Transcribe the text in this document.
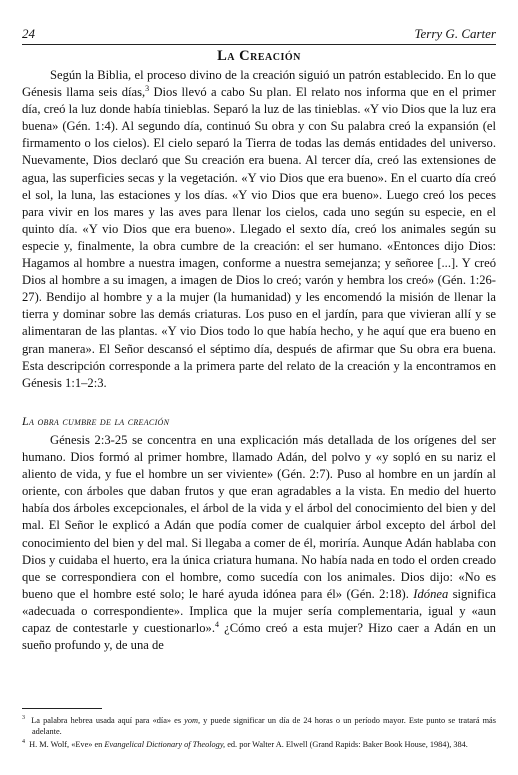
24	Terry G. Carter
La Creación

Según la Biblia, el proceso divino de la creación siguió un patrón establecido. En lo que Génesis llama seis días,$^3$ Dios llevó a cabo Su plan. El relato nos informa que en el primer día, creó la luz donde había tinieblas. Separó la luz de las tinieblas. «Y vio Dios que la luz era buena» (Gén. 1:4). Al segundo día, continuó Su obra y con Su palabra creó la expansión (el firmamento o los cielos). El cielo separó la Tierra de todas las demás entidades del universo. Nuevamente, Dios declaró que Su creación era buena. Al tercer día, creó las extensiones de agua, las superficies secas y la vegetación. «Y vio Dios que era bueno». En el cuarto día creó el sol, la luna, las estaciones y los días. «Y vio Dios que era bueno». Luego creó los peces para vivir en los mares y las aves para llenar los cielos, cada uno según su especie, en el quinto día. «Y vio Dios que era bueno». Llegado el sexto día, creó los animales según su especie y, finalmente, la obra cumbre de la creación: el ser humano. «Entonces dijo Dios: Hagamos al hombre a nuestra imagen, conforme a nuestra semejanza; y señoree [...]. Y creó Dios al hombre a su imagen, a imagen de Dios lo creó; varón y hembra los creó» (Gén. 1:26-27). Bendijo al hombre y a la mujer (la humanidad) y les encomendó la misión de llenar la tierra y dominar sobre las demás criaturas. Los puso en el jardín, para que vivieran allí y se alimentaran de las plantas. «Y vio Dios todo lo que había hecho, y he aquí que era bueno en gran manera». El Señor descansó el séptimo día, después de afirmar que Su obra era buena. Esta descripción corresponde a la primera parte del relato de la creación y la encontramos en Génesis 1:1–2:3.

La obra cumbre de la creación

Génesis 2:3-25 se concentra en una explicación más detallada de los orígenes del ser humano. Dios formó al primer hombre, llamado Adán, del polvo y «y sopló en su nariz el aliento de vida, y fue el hombre un ser viviente» (Gén. 2:7). Puso al hombre en un jardín al oriente, con árboles que daban frutos y que eran agradables a la vista. En medio del huerto había dos árboles excepcionales, el árbol de la vida y el árbol del conocimiento del bien y del mal. El Señor le explicó a Adán que podía comer de cualquier árbol excepto del árbol del conocimiento del bien y del mal. Si llegaba a comer de él, moriría. Aunque Adán hablaba con Dios y cuidaba el huerto, era la única criatura humana. No había nada en todo el orden creado que se correspondiera con el hombre, como sucedía con los animales. Dios dijo: «No es bueno que el hombre esté solo; le haré ayuda idónea para él» (Gén. 2:18). Idónea significa «adecuada o correspondiente». Implica que la mujer sería complementaria, igual y «aun capaz de contestarle y cuestionarlo».$^4$ ¿Cómo creó a esta mujer? Hizo caer a Adán en un sueño profundo y, de una de

$^3$ La palabra hebrea usada aquí para «día» es yom, y puede significar un día de 24 horas o un período mayor. Este punto se tratará más adelante.

$^4$ H. M. Wolf, «Eve» en Evangelical Dictionary of Theology, ed. por Walter A. Elwell (Grand Rapids: Baker Book House, 1984), 384.
